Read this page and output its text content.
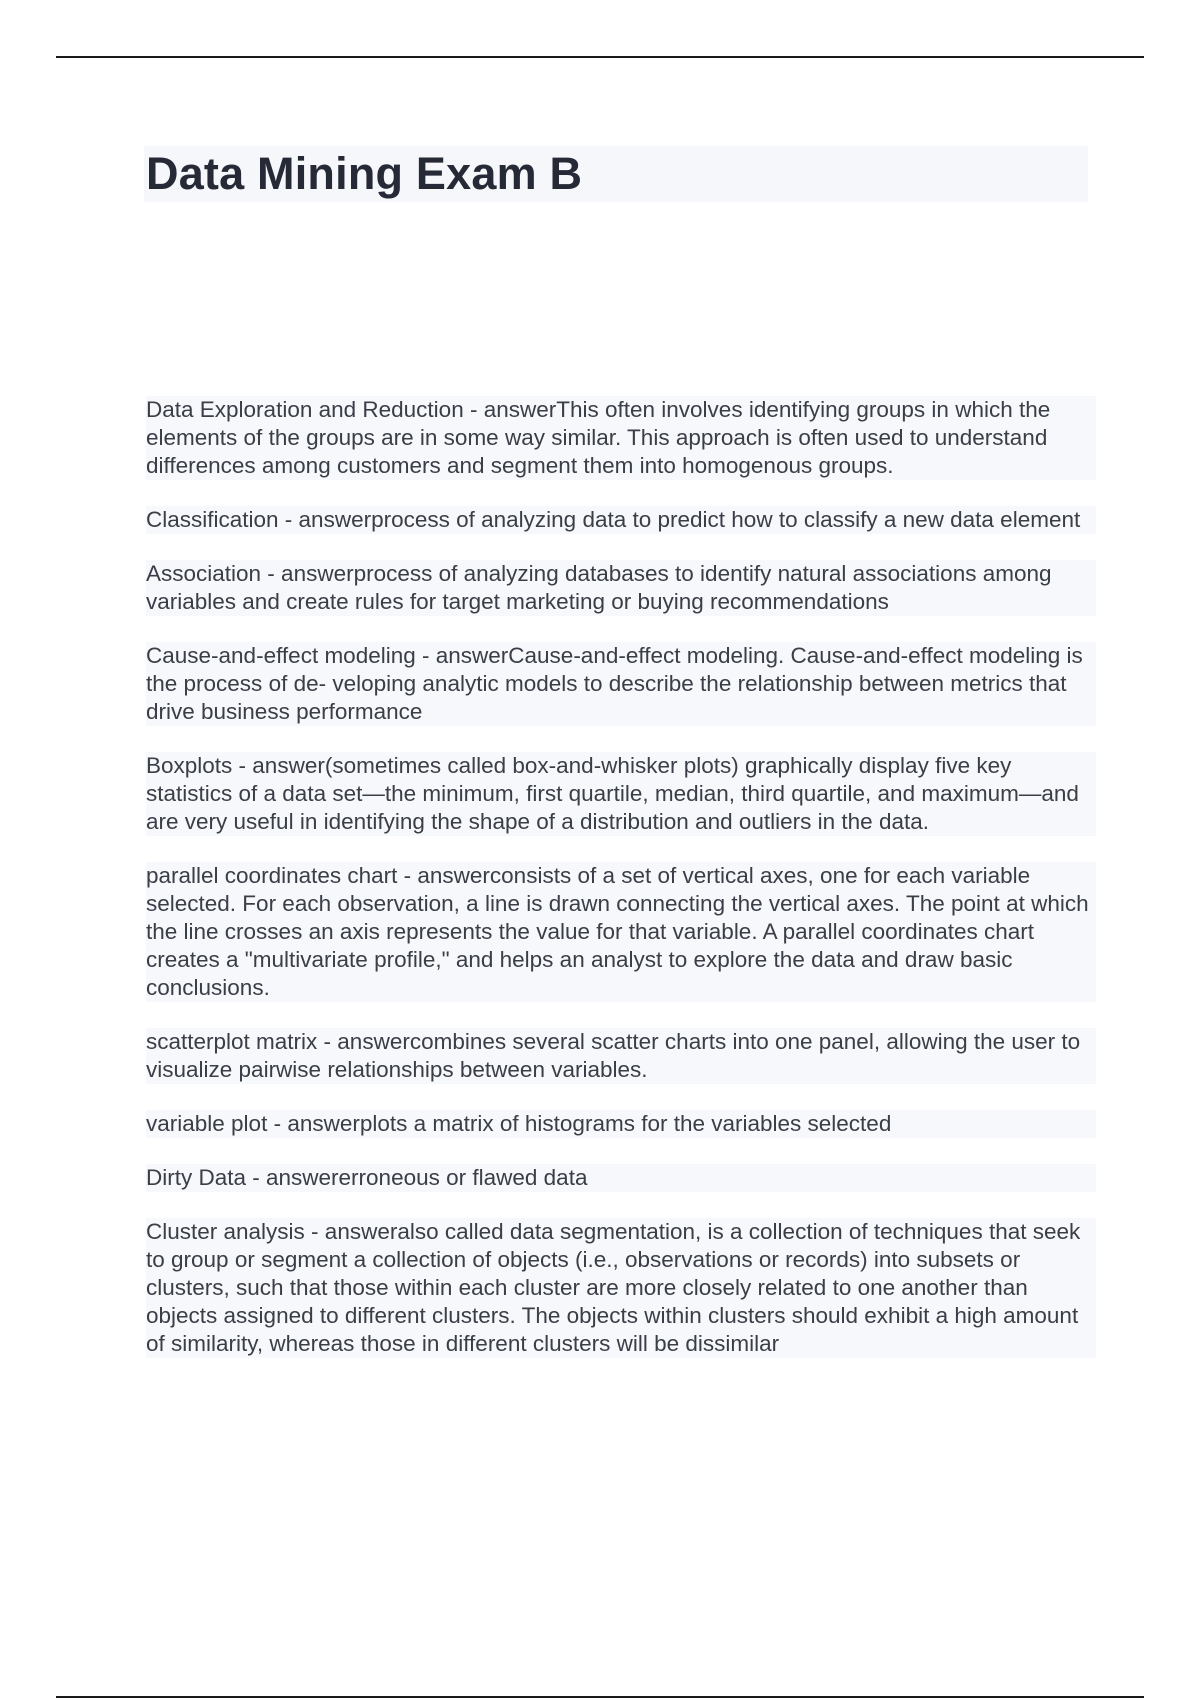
Data Mining Exam B

Data Exploration and Reduction - answerThis often involves identifying groups in which the elements of the groups are in some way similar. This approach is often used to understand differences among customers and segment them into homogenous groups.

Classification - answerprocess of analyzing data to predict how to classify a new data element

Association - answerprocess of analyzing databases to identify natural associations among variables and create rules for target marketing or buying recommendations

Cause-and-effect modeling - answerCause-and-effect modeling. Cause-and-effect modeling is the process of de- veloping analytic models to describe the relationship between metrics that drive business performance

Boxplots - answer(sometimes called box-and-whisker plots) graphically display five key statistics of a data set—the minimum, first quartile, median, third quartile, and maximum—and are very useful in identifying the shape of a distribution and outliers in the data.

parallel coordinates chart - answerconsists of a set of vertical axes, one for each variable selected. For each observation, a line is drawn connecting the vertical axes. The point at which the line crosses an axis represents the value for that variable. A parallel coordinates chart creates a "multivariate profile," and helps an analyst to explore the data and draw basic conclusions.

scatterplot matrix - answercombines several scatter charts into one panel, allowing the user to visualize pairwise relationships between variables.

variable plot - answerplots a matrix of histograms for the variables selected

Dirty Data - answererroneous or flawed data

Cluster analysis - answeralso called data segmentation, is a collection of techniques that seek to group or segment a collection of objects (i.e., observations or records) into subsets or clusters, such that those within each cluster are more closely related to one another than objects assigned to different clusters. The objects within clusters should exhibit a high amount of similarity, whereas those in different clusters will be dissimilar
